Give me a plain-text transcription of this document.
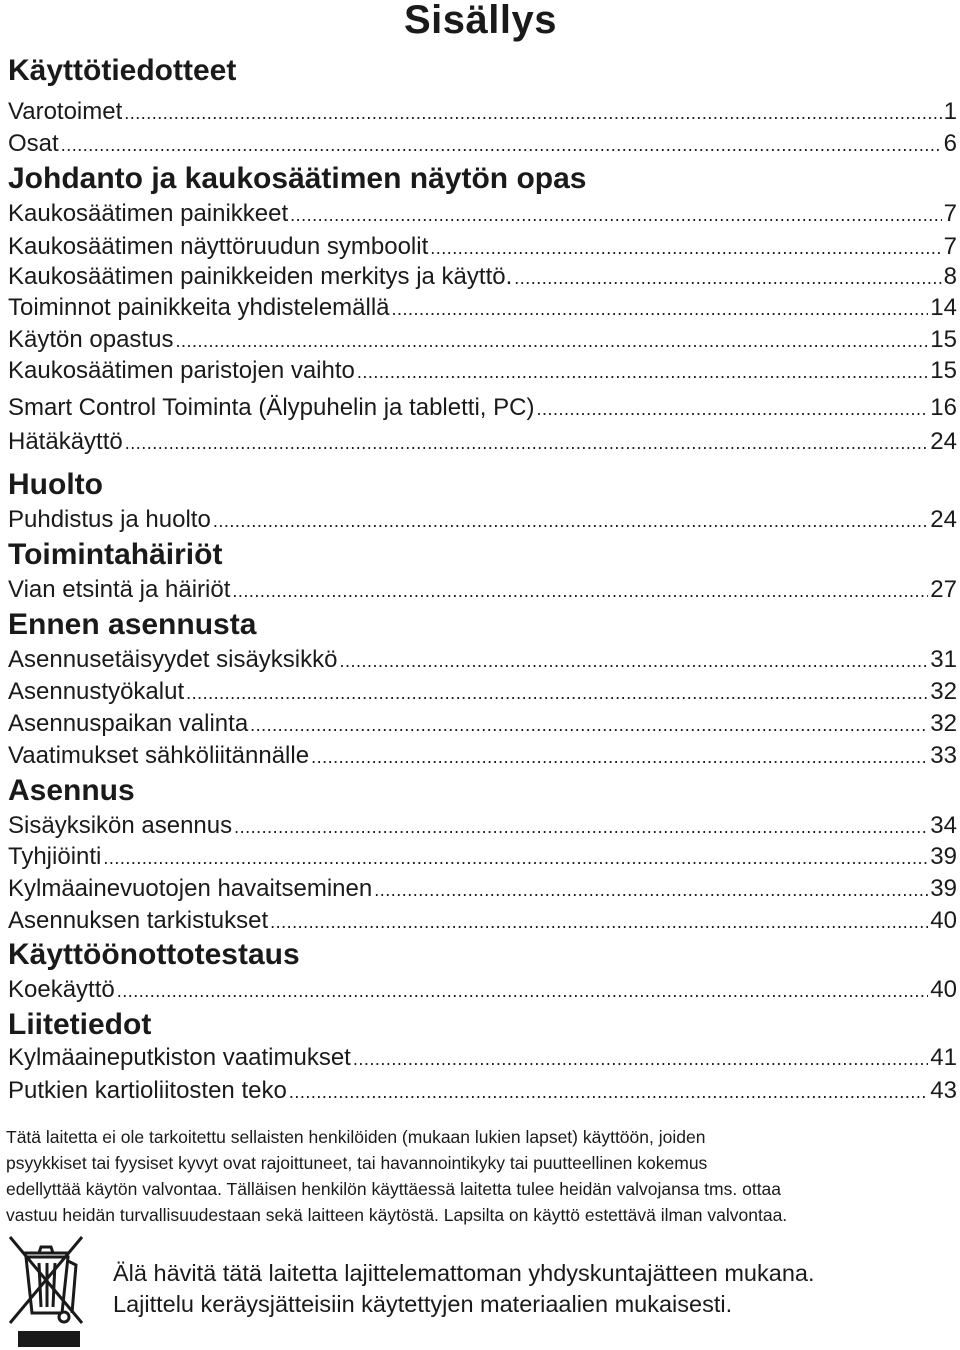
Sisällys
Käyttötiedotteet
Varotoimet .....	1
Osat .....	6
Johdanto ja kaukosäätimen näytön opas
Kaukosäätimen painikkeet .....	7
Kaukosäätimen näyttöruudun symboolit .....	7
Kaukosäätimen painikkeiden merkitys ja käyttö. .....	8
Toiminnot painikkeita yhdistelemällä .....	14
Käytön opastus .....	15
Kaukosäätimen paristojen vaihto .....	15
Smart Control Toiminta (Älypuhelin ja tabletti, PC) .....	16
Hätäkäyttö .....	24
Huolto
Puhdistus ja huolto .....	24
Toimintahäiriöt
Vian etsintä ja häiriöt .....	27
Ennen asennusta
Asennusetäisyydet sisäyksikkö .....	31
Asennustyökalut .....	32
Asennuspaikan valinta .....	32
Vaatimukset sähköliitännälle .....	33
Asennus
Sisäyksikön asennus .....	34
Tyhjiöinti .....	39
Kylmäainevuotojen havaitseminen .....	39
Asennuksen tarkistukset .....	40
Käyttöönottotestaus
Koekäyttö .....	40
Liitetiedot
Kylmäaineputkiston vaatimukset .....	41
Putkien kartioliitosten teko .....	43

Tätä laitetta ei ole tarkoitettu sellaisten henkilöiden (mukaan lukien lapset) käyttöön, joiden

psyykkiset tai fyysiset kyvyt ovat rajoittuneet, tai havannointikyky tai puutteellinen kokemus

edellyttää käytön valvontaa. Tälläisen henkilön käyttäessä laitetta tulee heidän valvojansa tms. ottaa

vastuu heidän turvallisuudestaan sekä laitteen käytöstä. Lapsilta on käyttö estettävä ilman valvontaa.

Älä hävitä tätä laitetta lajittelemattoman yhdyskuntajätteen mukana.

Lajittelu keräysjätteisiin käytettyjen materiaalien mukaisesti.
